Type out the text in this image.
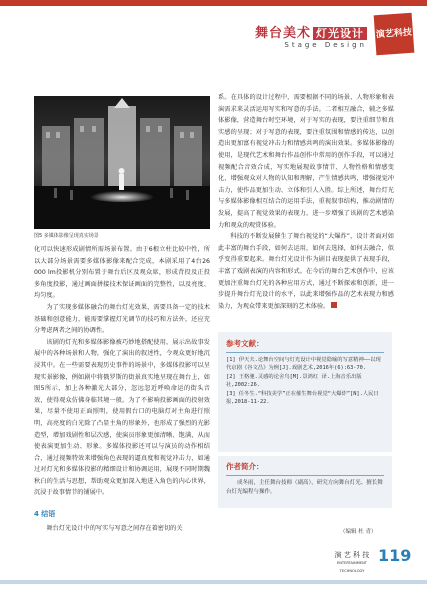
舞台美术 灯光设计
Stage Design
演艺科技
图5 多媒体影像呈现真实场景

化可以快速形成剧情所需场景布置。由于6根立柱比较中性，所以大部分场景需要多媒体影像来配合完成，本剧采用了4台26 000 lm投影机分别布置于舞台后区及观众席，形成背投及正投多角度投影，通过画面拼接技术保证画面的完整性，以及亮度、均匀度。

为了实现多媒体融合的舞台灯光效果，需要具备一定的技术基础和创意能力，能需要掌握灯光调节的技巧和方法外，还应充分考虑两者之间的协调性。

该剧的灯光和多媒体影像被巧妙地搭配使用，展示出故事发展中的各种场景和人物，强化了演出的叙述性，令观众更好地沉浸其中。在一些需要表现历史事件的场景中，多媒体投影可以呈现实景影像，例如剧中将俄罗斯的街景真实地呈现在舞台上，如图5所示，加上各种激光大部分，忽远忽近呼唤命运的街头音效，使得观众仿佛身临其境一般。为了不影响投影画面的投射效果，尽量不使用正面照明，使用假台口的电脑灯对主角进行照明，高亮度的白光除了凸显主角的形象外，也形成了强烈的光影造型，增加戏剧性和层次感，使演员形象更加清晰、饱满，从而使表演更加生动、形象。多媒体投影还可以与演员的动作相结合，通过视频特效来增强角色表现的逼真度和视觉冲击力，如通过对灯光和多媒体投影的精细设计和协调运用，展现不同时期魏秋白的生活与思想，帮助观众更加深入地进入角色的内心世界，沉浸于故事情节的铺展中。

4 结语

舞台灯光设计中的写实与写意之间存在着密切的关

系。在具体的设计过程中，需要根据不同的场景、人物形象和表演需求来灵活运用写实和写意的手法。二者相互融合，辅之多媒体影像，营造舞台时空环境，对于写实的表现，要注重细节和真实感的呈现；对于写意的表现，要注重氛围和情感的传达，以创造出更加富有视觉冲击力和情感共鸣的演出效果。多媒体影像的使用，是现代艺术和舞台作品创作中常用的创作手段，可以通过视频配合音效合成，写实地展现故事情节、人物性格和情感变化，增强观众对人物的认知和理解，产生情感共鸣，增强视觉冲击力，使作品更加生动、立体和引人入胜。综上所述，舞台灯光与多媒体影像相互结合的运用手法，重视叙事结构，推动剧情的发展，提高了视觉效果的表现力，进一步增强了该剧的艺术感染力和观众的观赏体验。

科技的不断发展催生了舞台视觉的“大爆炸”，设计者面对如此丰富的舞台手段，如何去运用，如何去选择，如何去融合，似乎变得重要起来。舞台灯光设计作为剧目表现提供了表现手段，丰富了戏剧表演的内容和形式。在今后的舞台艺术创作中，应该更加注重舞台灯光的各种应用方式，通过不断探索和创新，进一步提升舞台灯光设计的水平，以此来增强作品的艺术表现力和感染力，为观众带来更加深刻的艺术体验。

参考文献：
[1] 伊天夫.论舞台空间与灯光设计中视觉隐喻的写意精神——以现代京剧《谷文昌》为例[J].戏剧艺术,2016年(6):63-70.
[2] 王格驰.灵感的论舍鸟[M].景鸿红 译.上海音乐出版社,2002:26.
[3] 任冬生.“科技美学”正在催生舞台视觉“大爆炸”[N].人民日报,2018-11-22.
作者简介：
成冬雨，主任舞台技师（副高），研究方向舞台灯光、擅长舞台灯光编程与操作。
（编辑 杜 青）
演 艺 科 技
ENTERTAINMENT TECHNOLOGY
119
